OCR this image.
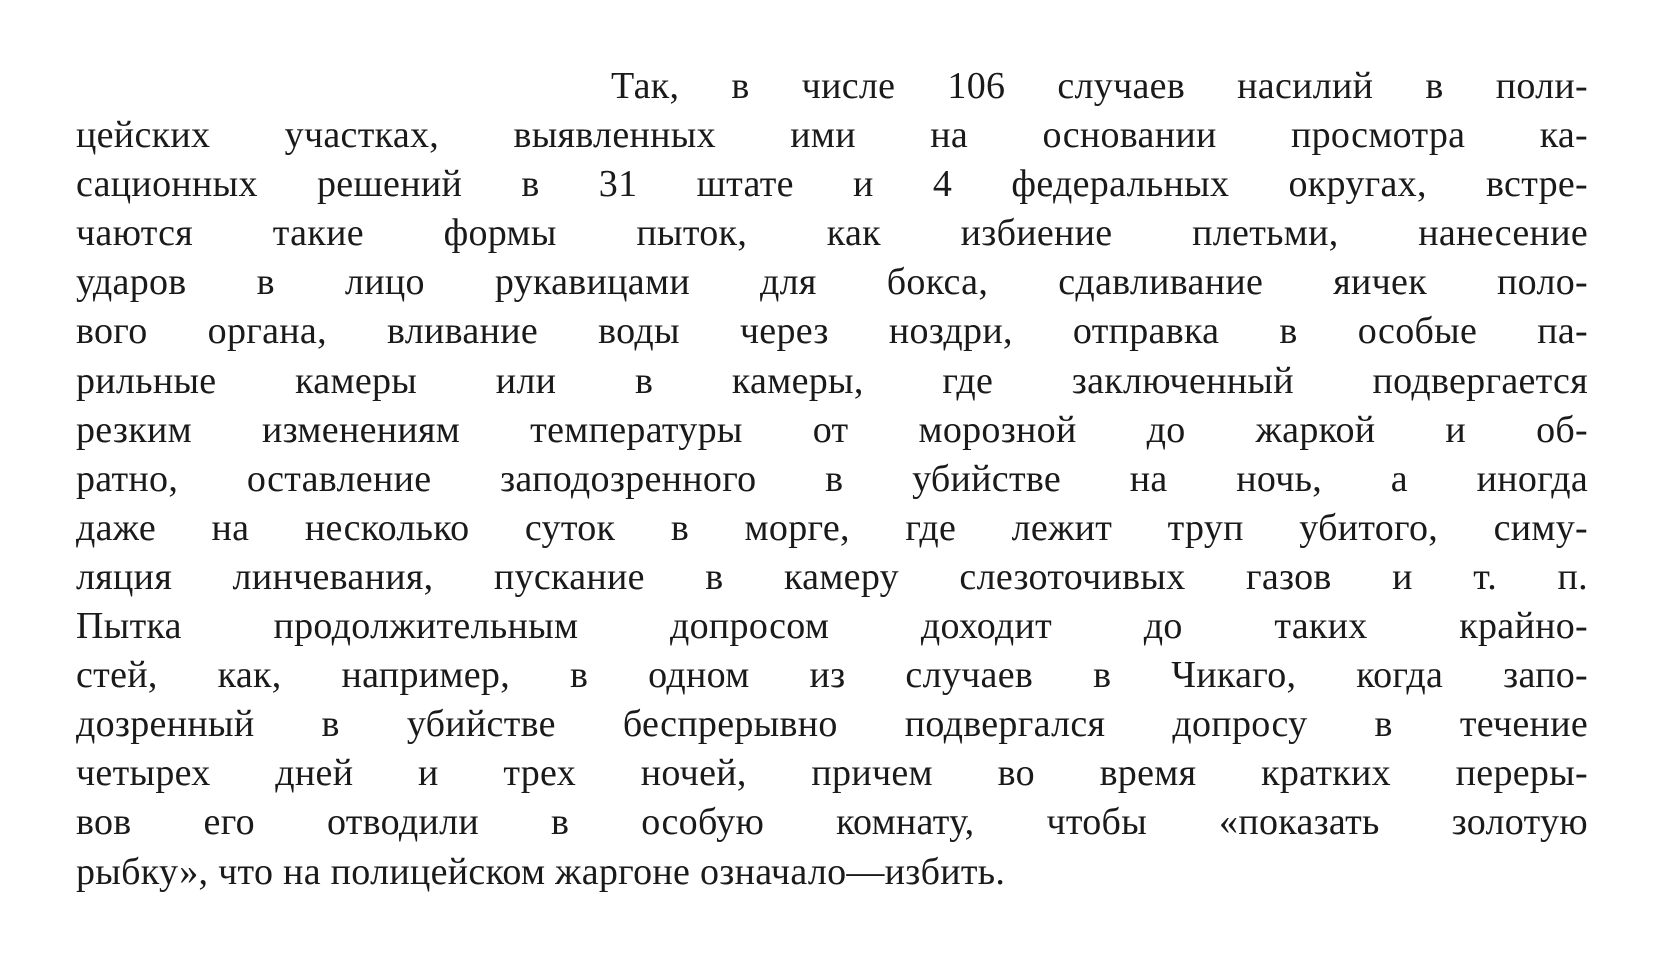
Так, в числе 106 случаев насилий в поли-
цейских участках, выявленных ими на основании просмотра ка-
сационных решений в 31 штате и 4 федеральных округах, встре-
чаются такие формы пыток, как избиение плетьми, нанесение
ударов в лицо рукавицами для бокса, сдавливание яичек поло-
вого органа, вливание воды через ноздри, отправка в особые па-
рильные камеры или в камеры, где заключенный подвергается
резким изменениям температуры от морозной до жаркой и об-
ратно, оставление заподозренного в убийстве на ночь, а иногда
даже на несколько суток в морге, где лежит труп убитого, симу-
ляция линчевания, пускание в камеру слезоточивых газов и т. п.
Пытка продолжительным допросом доходит до таких крайно-
стей, как, например, в одном из случаев в Чикаго, когда запо-
дозренный в убийстве беспрерывно подвергался допросу в течение
четырех дней и трех ночей, причем во время кратких переры-
вов его отводили в особую комнату, чтобы «показать золотую
рыбку», что на полицейском жаргоне означало—избить.
